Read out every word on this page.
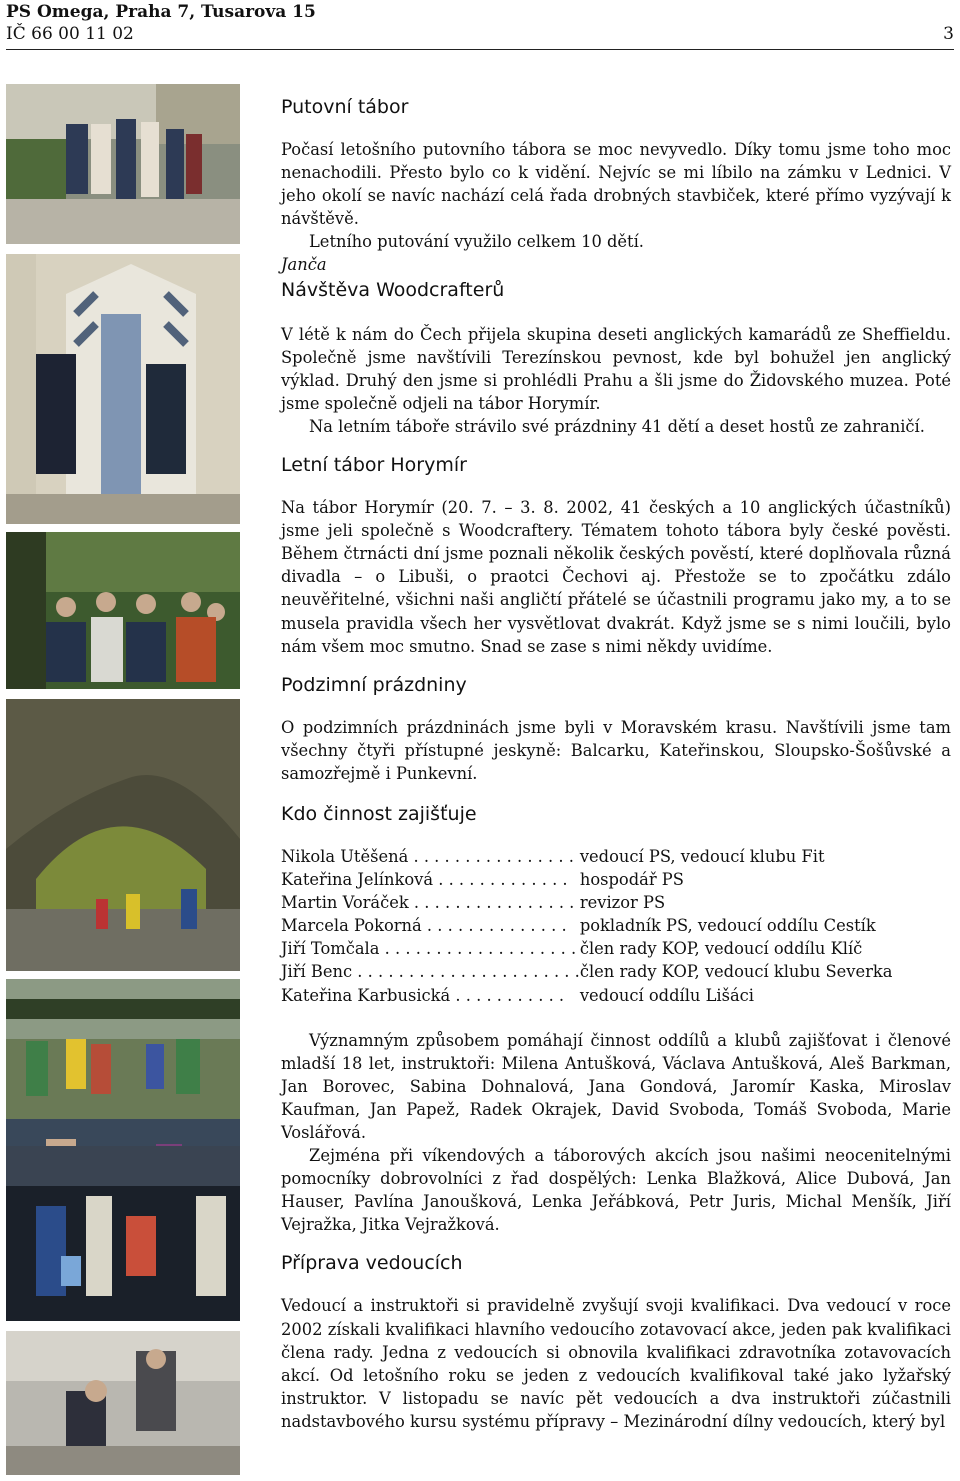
PS Omega, Praha 7, Tusarova 15
IČ 66 00 11 02	3
Putovní tábor

Počasí letošního putovního tábora se moc nevyvedlo. Díky tomu jsme toho moc nenachodili. Přesto bylo co k vidění. Nejvíc se mi líbilo na zámku v Lednici. V jeho okolí se navíc nachází celá řada drobných stavbiček, které přímo vyzývají k návštěvě.

Letního putování využilo celkem 10 dětí.

Janča

Návštěva Woodcrafterů

V létě k nám do Čech přijela skupina deseti anglických kamarádů ze Sheffieldu. Společně jsme navštívili Terezínskou pevnost, kde byl bohužel jen anglický výklad. Druhý den jsme si prohlédli Prahu a šli jsme do Židovského muzea. Poté jsme společně odjeli na tábor Horymír.

Na letním táboře strávilo své prázdniny 41 dětí a deset hostů ze zahraničí.

Letní tábor Horymír

Na tábor Horymír (20. 7. – 3. 8. 2002, 41 českých a 10 anglických účastníků) jsme jeli společně s Woodcraftery. Tématem tohoto tábora byly české pověsti. Během čtrnácti dní jsme poznali několik českých pověstí, které doplňovala různá divadla – o Libuši, o praotci Čechovi aj. Přestože se to zpočátku zdálo neuvěřitelné, všichni naši angličtí přátelé se účastnili programu jako my, a to se musela pravidla všech her vysvětlovat dvakrát. Když jsme se s nimi loučili, bylo nám všem moc smutno. Snad se zase s nimi někdy uvidíme.

Podzimní prázdniny

O podzimních prázdninách jsme byli v Moravském krasu. Navštívili jsme tam všechny čtyři přístupné jeskyně: Balcarku, Kateřinskou, Sloupsko-Šošůvské a samozřejmě i Punkevní.

Kdo činnost zajišťuje
Nikola Utěšená . . . . . . . . . . . . . . . .	vedoucí PS, vedoucí klubu Fit
Kateřina Jelínková . . . . . . . . . . . . .	hospodář PS
Martin Voráček . . . . . . . . . . . . . . . .	revizor PS
Marcela Pokorná . . . . . . . . . . . . . .	pokladník PS, vedoucí oddílu Cestík
Jiří Tomčala . . . . . . . . . . . . . . . . . . .	člen rady KOP, vedoucí oddílu Klíč
Jiří Benc . . . . . . . . . . . . . . . . . . . . . .	člen rady KOP, vedoucí klubu Severka
Kateřina Karbusická . . . . . . . . . . .	vedoucí oddílu Lišáci

Významným způsobem pomáhají činnost oddílů a klubů zajišťovat i členové mladší 18 let, instruktoři: Milena Antušková, Václava Antušková, Aleš Barkman, Jan Borovec, Sabina Dohnalová, Jana Gondová, Jaromír Kaska, Miroslav Kaufman, Jan Papež, Radek Okrajek, David Svoboda, Tomáš Svoboda, Marie Voslářová.

Zejména při víkendových a táborových akcích jsou našimi neocenitelnými pomocníky dobrovolníci z řad dospělých: Lenka Blažková, Alice Dubová, Jan Hauser, Pavlína Janoušková, Lenka Jeřábková, Petr Juris, Michal Menšík, Jiří Vejražka, Jitka Vejražková.

Příprava vedoucích

Vedoucí a instruktoři si pravidelně zvyšují svoji kvalifikaci. Dva vedoucí v roce 2002 získali kvalifikaci hlavního vedoucího zotavovací akce, jeden pak kvalifikaci člena rady. Jedna z vedoucích si obnovila kvalifikaci zdravotníka zotavovacích akcí. Od letošního roku se jeden z vedoucích kvalifikoval také jako lyžařský instruktor. V listopadu se navíc pět vedoucích a dva instruktoři zúčastnili nadstavbového kursu systému přípravy – Mezinárodní dílny vedoucích, který byl
